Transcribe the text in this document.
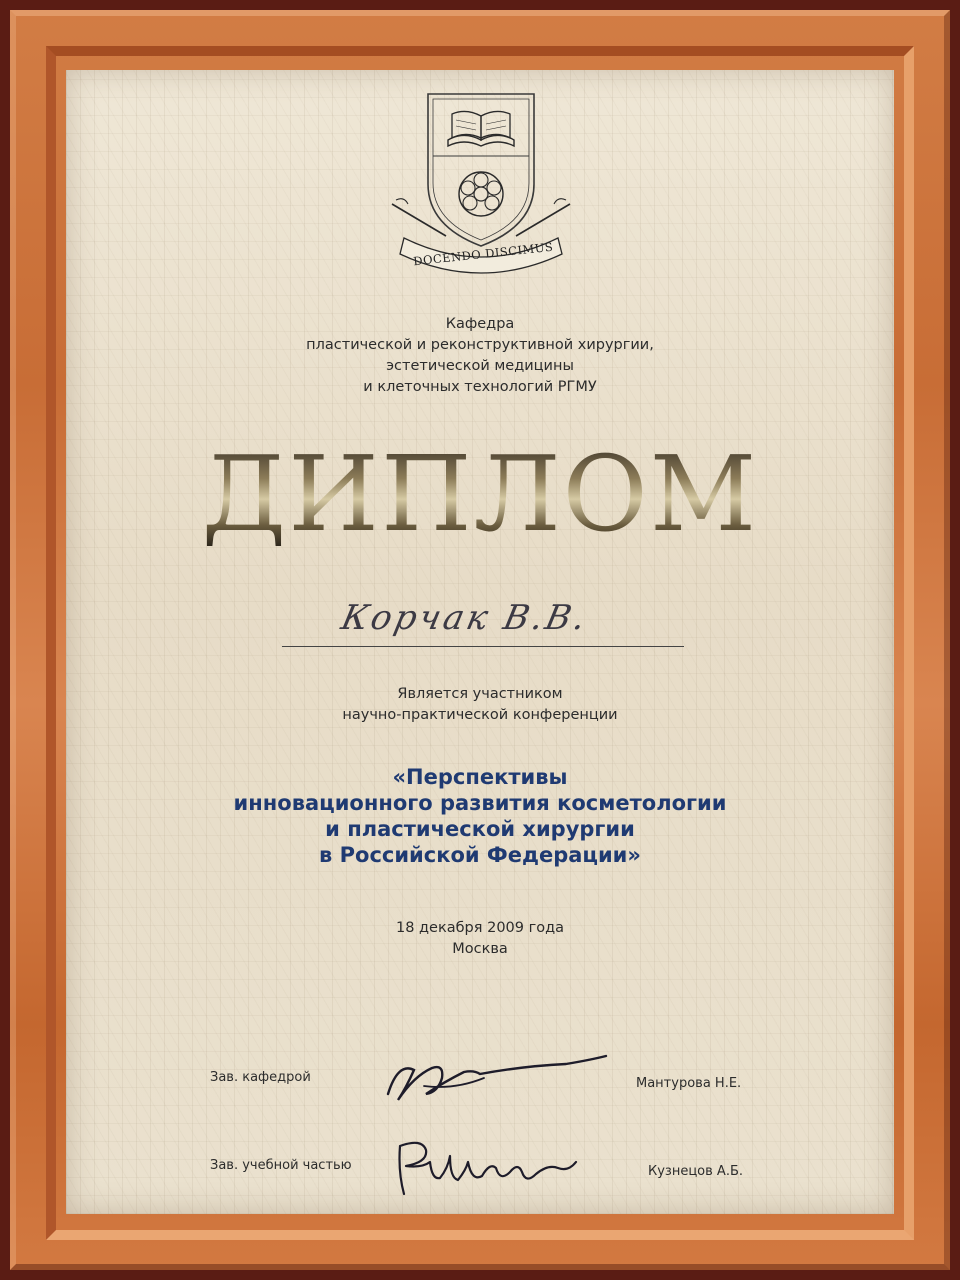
DOCENDO DISCIMUS
Кафедра
пластической и реконструктивной хирургии,
эстетической медицины
и клеточных технологий РГМУ
ДИПЛОМ
Корчак В.В.
Является участником
научно-практической конференции
«Перспективы
инновационного развития косметологии
и пластической хирургии
в Российской Федерации»
18 декабря 2009 года
Москва
Зав. кафедрой	Мантурова Н.Е.
Зав. учебной частью	Кузнецов А.Б.
